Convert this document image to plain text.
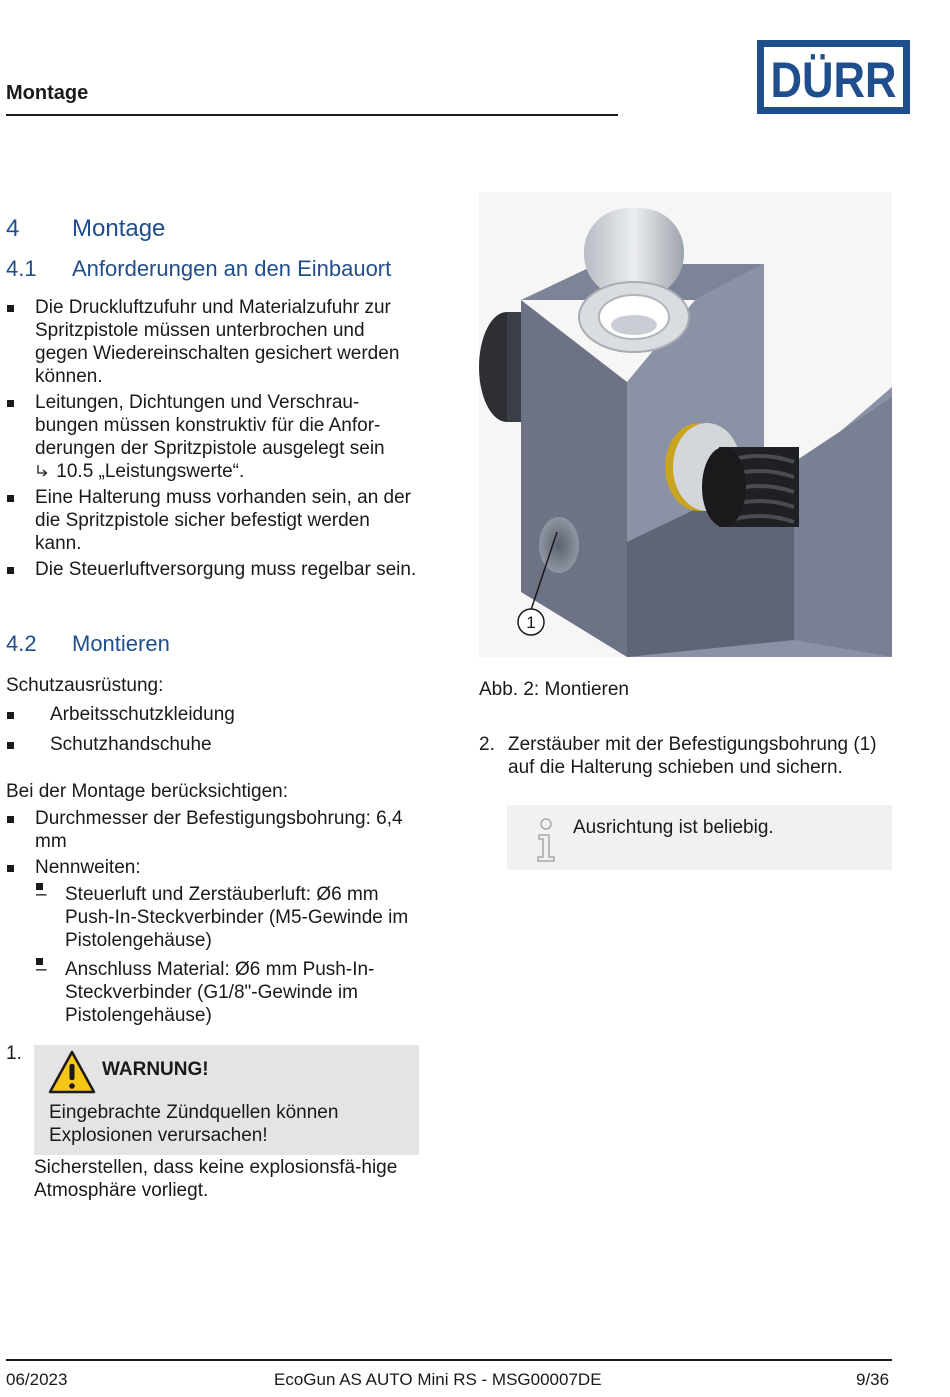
Montage	DÜRR
4 Montage
4.1 Anforderungen an den Einbauort
Die Druckluftzufuhr und Materialzufuhr zur Spritzpistole müssen unterbrochen und gegen Wiedereinschalten gesichert werden können.
Leitungen, Dichtungen und Verschrau-bungen müssen konstruktiv für die Anfor-derungen der Spritzpistole ausgelegt sein
10.5 „Leistungswerte“.
Eine Halterung muss vorhanden sein, an der die Spritzpistole sicher befestigt werden kann.
Die Steuerluftversorgung muss regelbar sein.
4.2 Montieren
Schutzausrüstung:
Arbeitsschutzkleidung
Schutzhandschuhe
Bei der Montage berücksichtigen:
Durchmesser der Befestigungsbohrung: 6,4 mm
Nennweiten:
– Steuerluft und Zerstäuberluft: Ø6 mm Push-In-Steckverbinder (M5-Gewinde im Pistolengehäuse)
– Anschluss Material: Ø6 mm Push-In-Steckverbinder (G1/8"-Gewinde im Pistolengehäuse)
1.
WARNUNG!
Eingebrachte Zündquellen können Explosionen verursachen!
Sicherstellen, dass keine explosionsfä-hige Atmosphäre vorliegt.
1
Abb. 2: Montieren
2. Zerstäuber mit der Befestigungsbohrung (1) auf die Halterung schieben und sichern.
Ausrichtung ist beliebig.
06/2023	EcoGun AS AUTO Mini RS - MSG00007DE	9/36
